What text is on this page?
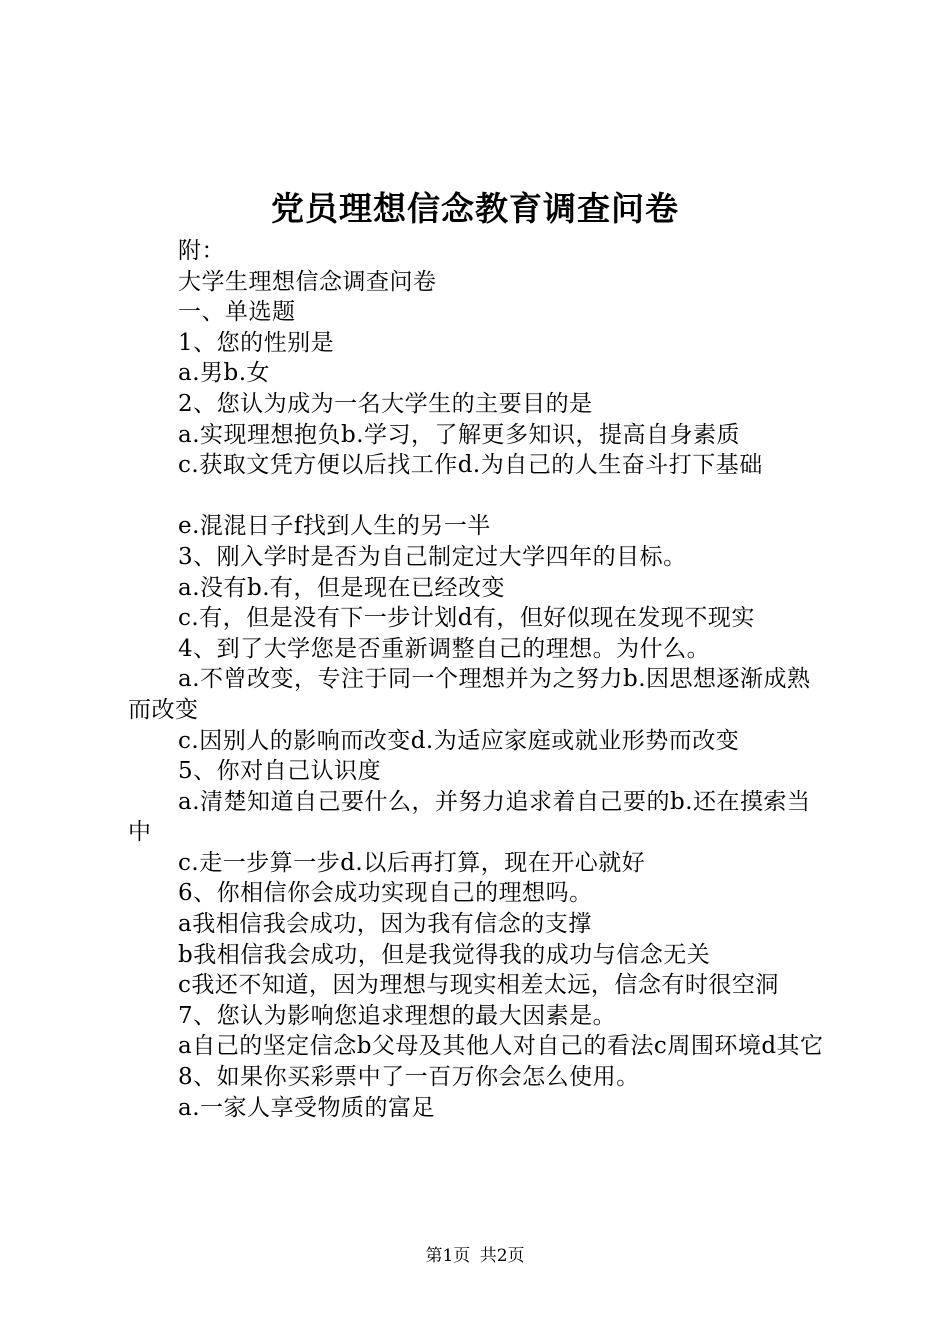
党员理想信念教育调查问卷

附：

大学生理想信念调查问卷

一、单选题

1、您的性别是

a.男b.女

2、您认为成为一名大学生的主要目的是

a.实现理想抱负b.学习，了解更多知识，提高自身素质

c.获取文凭方便以后找工作d.为自己的人生奋斗打下基础

e.混混日子f找到人生的另一半

3、刚入学时是否为自己制定过大学四年的目标。

a.没有b.有，但是现在已经改变

c.有，但是没有下一步计划d有，但好似现在发现不现实

4、到了大学您是否重新调整自己的理想。为什么。

a.不曾改变，专注于同一个理想并为之努力b.因思想逐渐成熟而改变

c.因别人的影响而改变d.为适应家庭或就业形势而改变

5、你对自己认识度

a.清楚知道自己要什么，并努力追求着自己要的b.还在摸索当中

c.走一步算一步d.以后再打算，现在开心就好

6、你相信你会成功实现自己的理想吗。

a我相信我会成功，因为我有信念的支撑

b我相信我会成功，但是我觉得我的成功与信念无关

c我还不知道，因为理想与现实相差太远，信念有时很空洞

7、您认为影响您追求理想的最大因素是。

a自己的坚定信念b父母及其他人对自己的看法c周围环境d其它

8、如果你买彩票中了一百万你会怎么使用。

a.一家人享受物质的富足

第1页 共2页
